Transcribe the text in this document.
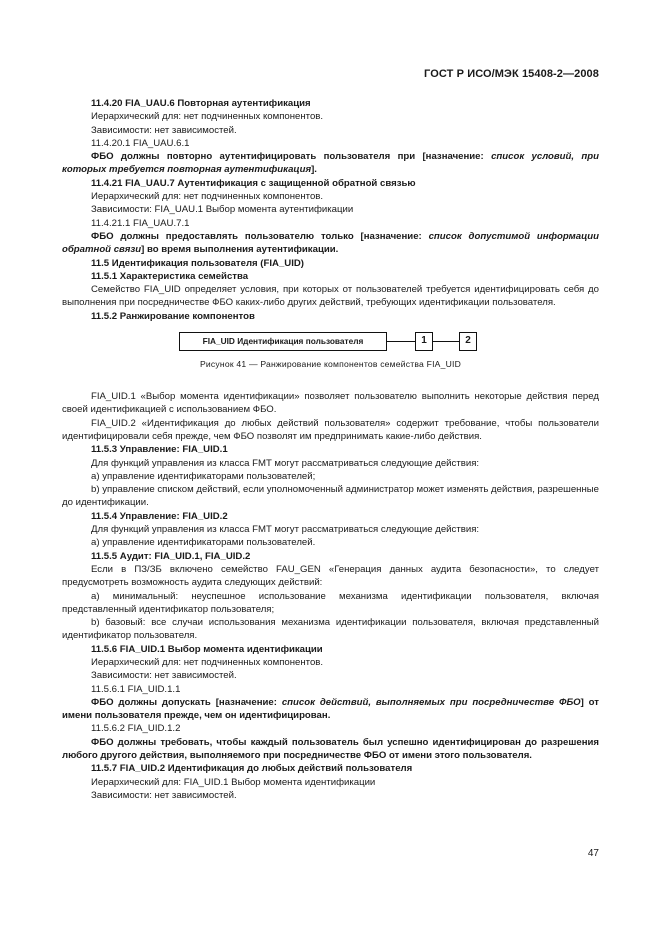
ГОСТ Р ИСО/МЭК 15408-2—2008

11.4.20 FIA_UAU.6 Повторная аутентификация

Иерархический для: нет подчиненных компонентов.

Зависимости: нет зависимостей.

11.4.20.1 FIA_UAU.6.1

ФБО должны повторно аутентифицировать пользователя при [назначение: список условий, при которых требуется повторная аутентификация].

11.4.21 FIA_UAU.7 Аутентификация с защищенной обратной связью

Иерархический для: нет подчиненных компонентов.

Зависимости: FIA_UAU.1 Выбор момента аутентификации

11.4.21.1 FIA_UAU.7.1

ФБО должны предоставлять пользователю только [назначение: список допустимой информации обратной связи] во время выполнения аутентификации.

11.5 Идентификация пользователя (FIA_UID)

11.5.1 Характеристика семейства

Семейство FIA_UID определяет условия, при которых от пользователей требуется идентифицировать себя до выполнения при посредничестве ФБО каких-либо других действий, требующих идентификации пользователя.

11.5.2 Ранжирование компонентов

FIA_UID Идентификация пользователя	1	2
Рисунок 41 — Ранжирование компонентов семейства FIA_UID

FIA_UID.1 «Выбор момента идентификации» позволяет пользователю выполнить некоторые действия перед своей идентификацией с использованием ФБО.

FIA_UID.2 «Идентификация до любых действий пользователя» содержит требование, чтобы пользователи идентифицировали себя прежде, чем ФБО позволят им предпринимать какие-либо действия.

11.5.3 Управление: FIA_UID.1

Для функций управления из класса FMT могут рассматриваться следующие действия:

a) управление идентификаторами пользователей;

b) управление списком действий, если уполномоченный администратор может изменять действия, разрешенные до идентификации.

11.5.4 Управление: FIA_UID.2

Для функций управления из класса FMT могут рассматриваться следующие действия:

a) управление идентификаторами пользователей.

11.5.5 Аудит: FIA_UID.1, FIA_UID.2

Если в ПЗ/ЗБ включено семейство FAU_GEN «Генерация данных аудита безопасности», то следует предусмотреть возможность аудита следующих действий:

a) минимальный: неуспешное использование механизма идентификации пользователя, включая представленный идентификатор пользователя;

b) базовый: все случаи использования механизма идентификации пользователя, включая представленный идентификатор пользователя.

11.5.6 FIA_UID.1 Выбор момента идентификации

Иерархический для: нет подчиненных компонентов.

Зависимости: нет зависимостей.

11.5.6.1 FIA_UID.1.1

ФБО должны допускать [назначение: список действий, выполняемых при посредничестве ФБО] от имени пользователя прежде, чем он идентифицирован.

11.5.6.2 FIA_UID.1.2

ФБО должны требовать, чтобы каждый пользователь был успешно идентифицирован до разрешения любого другого действия, выполняемого при посредничестве ФБО от имени этого пользователя.

11.5.7 FIA_UID.2 Идентификация до любых действий пользователя

Иерархический для: FIA_UID.1 Выбор момента идентификации

Зависимости: нет зависимостей.

47
